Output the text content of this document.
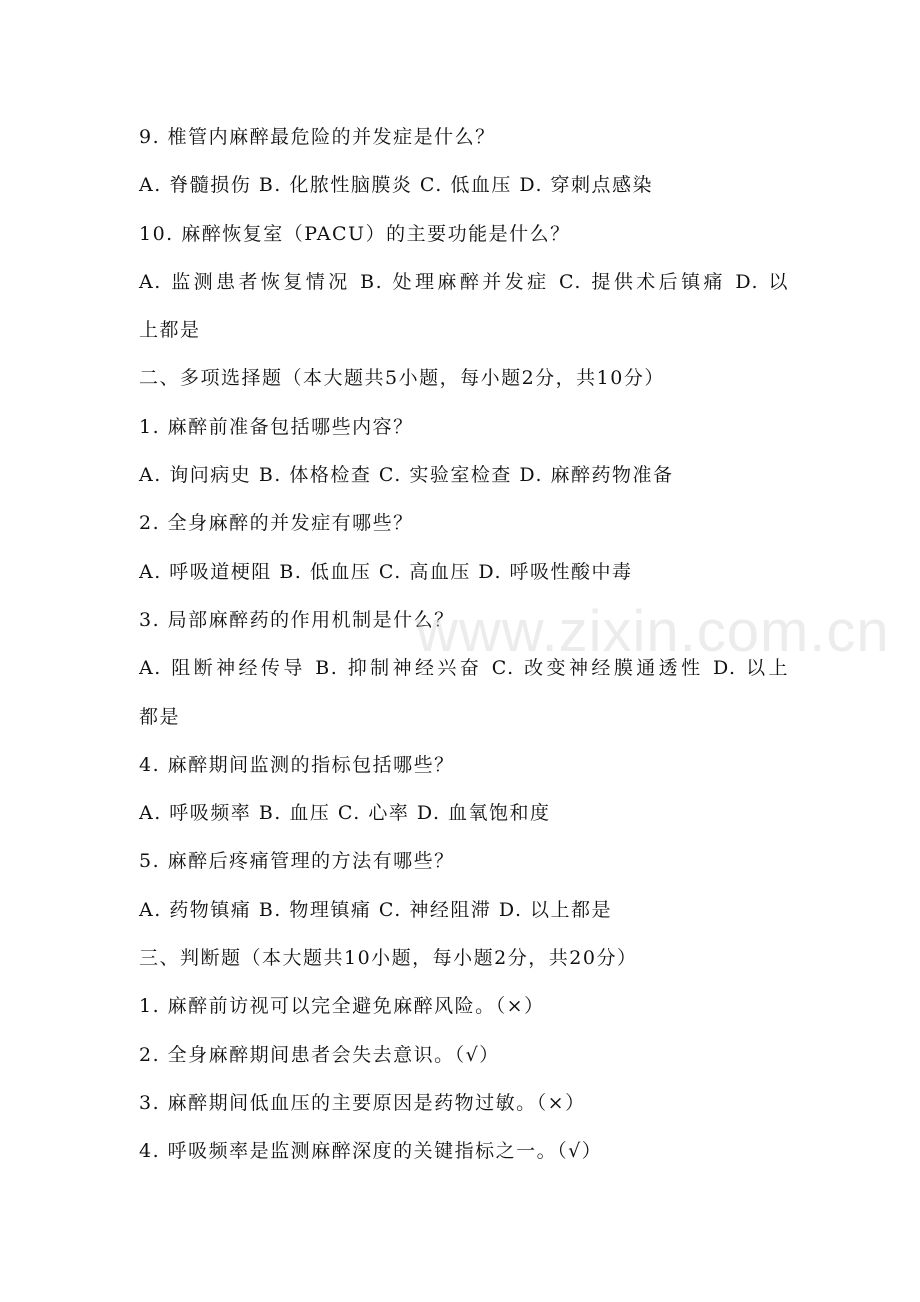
9. 椎管内麻醉最危险的并发症是什么？
A. 脊髓损伤 B. 化脓性脑膜炎 C. 低血压 D. 穿刺点感染
10. 麻醉恢复室（PACU）的主要功能是什么？
A. 监测患者恢复情况 B. 处理麻醉并发症 C. 提供术后镇痛 D. 以
上都是
二、多项选择题（本大题共5小题，每小题2分，共10分）
1. 麻醉前准备包括哪些内容？
A. 询问病史 B. 体格检查 C. 实验室检查 D. 麻醉药物准备
2. 全身麻醉的并发症有哪些？
A. 呼吸道梗阻 B. 低血压 C. 高血压 D. 呼吸性酸中毒
3. 局部麻醉药的作用机制是什么？
A. 阻断神经传导 B. 抑制神经兴奋 C. 改变神经膜通透性 D. 以上
都是
4. 麻醉期间监测的指标包括哪些？
A. 呼吸频率 B. 血压 C. 心率 D. 血氧饱和度
5. 麻醉后疼痛管理的方法有哪些？
A. 药物镇痛 B. 物理镇痛 C. 神经阻滞 D. 以上都是
三、判断题（本大题共10小题，每小题2分，共20分）
1. 麻醉前访视可以完全避免麻醉风险。（×）
2. 全身麻醉期间患者会失去意识。（√）
3. 麻醉期间低血压的主要原因是药物过敏。（×）
4. 呼吸频率是监测麻醉深度的关键指标之一。（√）
www.zixin.com.cn
